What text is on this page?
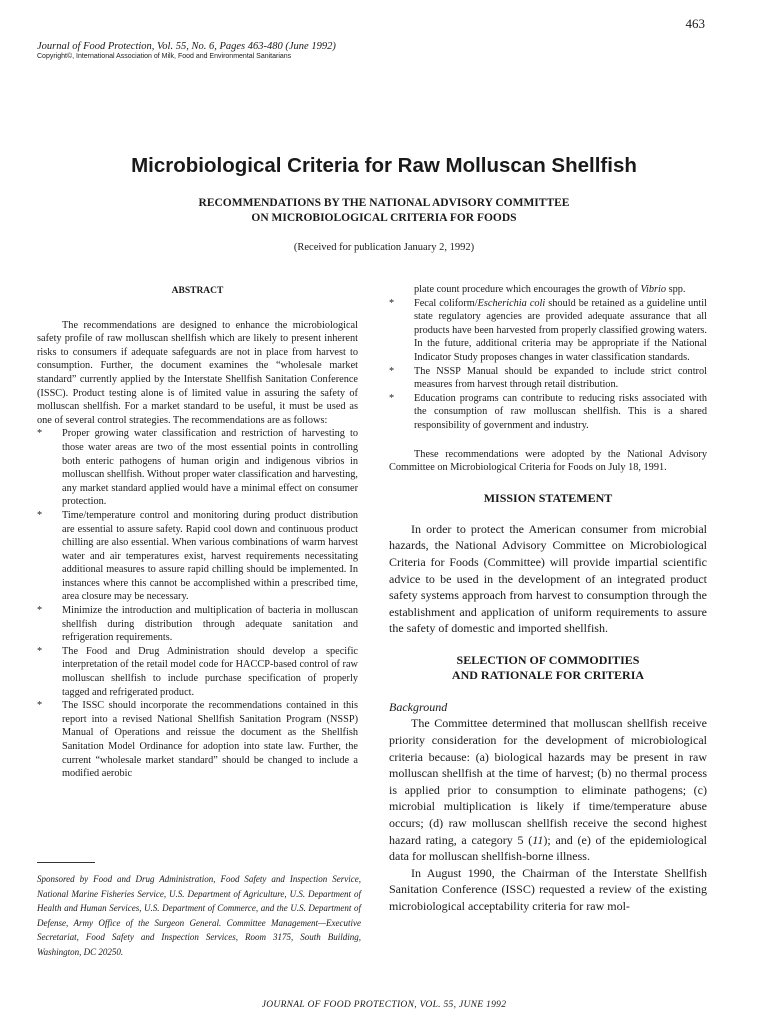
463
Journal of Food Protection, Vol. 55, No. 6, Pages 463-480 (June 1992)
Copyright©, International Association of Milk, Food and Environmental Sanitarians
Microbiological Criteria for Raw Molluscan Shellfish
RECOMMENDATIONS BY THE NATIONAL ADVISORY COMMITTEE
ON MICROBIOLOGICAL CRITERIA FOR FOODS
(Received for publication January 2, 1992)
ABSTRACT

The recommendations are designed to enhance the microbiological safety profile of raw molluscan shellfish which are likely to present inherent risks to consumers if adequate safeguards are not in place from harvest to consumption. Further, the document examines the “wholesale market standard” currently applied by the Interstate Shellfish Sanitation Conference (ISSC). Product testing alone is of limited value in assuring the safety of molluscan shellfish. For a market standard to be useful, it must be used as one of several control strategies. The recommendations are as follows:

*	Proper growing water classification and restriction of harvesting to those water areas are two of the most essential points in controlling both enteric pathogens of human origin and indigenous vibrios in molluscan shellfish. Without proper water classification and harvesting, any market standard applied would have a minimal effect on consumer protection.

*	Time/temperature control and monitoring during product distribution are essential to assure safety. Rapid cool down and continuous product chilling are also essential. When various combinations of warm harvest water and air temperatures exist, harvest requirements necessitating additional measures to assure rapid chilling should be implemented. In instances where this cannot be accomplished within a prescribed time, area closure may be necessary.

*	Minimize the introduction and multiplication of bacteria in molluscan shellfish during distribution through adequate sanitation and refrigeration requirements.

*	The Food and Drug Administration should develop a specific interpretation of the retail model code for HACCP-based control of raw molluscan shellfish to include purchase specification of properly tagged and refrigerated product.

*	The ISSC should incorporate the recommendations contained in this report into a revised National Shellfish Sanitation Program (NSSP) Manual of Operations and reissue the document as the Shellfish Sanitation Model Ordinance for adoption into state law. Further, the current “wholesale market standard” should be changed to include a modified aerobic

Sponsored by Food and Drug Administration, Food Safety and Inspection Service, National Marine Fisheries Service, U.S. Department of Agriculture, U.S. Department of Health and Human Services, U.S. Department of Commerce, and the U.S. Department of Defense, Army Office of the Surgeon General. Committee Management—Executive Secretariat, Food Safety and Inspection Services, Room 3175, South Building, Washington, DC 20250.

plate count procedure which encourages the growth of Vibrio spp.

*	Fecal coliform/Escherichia coli should be retained as a guideline until state regulatory agencies are provided adequate assurance that all products have been harvested from properly classified growing waters. In the future, additional criteria may be appropriate if the National Indicator Study proposes changes in water classification standards.

*	The NSSP Manual should be expanded to include strict control measures from harvest through retail distribution.

*	Education programs can contribute to reducing risks associated with the consumption of raw molluscan shellfish. This is a shared responsibility of government and industry.

These recommendations were adopted by the National Advisory Committee on Microbiological Criteria for Foods on July 18, 1991.

MISSION STATEMENT

In order to protect the American consumer from microbial hazards, the National Advisory Committee on Microbiological Criteria for Foods (Committee) will provide impartial scientific advice to be used in the development of an integrated product safety systems approach from harvest to consumption through the establishment and application of uniform requirements to assure the safety of domestic and imported shellfish.

SELECTION OF COMMODITIES
AND RATIONALE FOR CRITERIA

Background

The Committee determined that molluscan shellfish receive priority consideration for the development of microbiological criteria because: (a) biological hazards may be present in raw molluscan shellfish at the time of harvest; (b) no thermal process is applied prior to consumption to eliminate pathogens; (c) microbial multiplication is likely if time/temperature abuse occurs; (d) raw molluscan shellfish receive the second highest hazard rating, a category 5 (11); and (e) of the epidemiological data for molluscan shellfish-borne illness.

In August 1990, the Chairman of the Interstate Shellfish Sanitation Conference (ISSC) requested a review of the existing microbiological acceptability criteria for raw mol-

JOURNAL OF FOOD PROTECTION, VOL. 55, JUNE 1992
